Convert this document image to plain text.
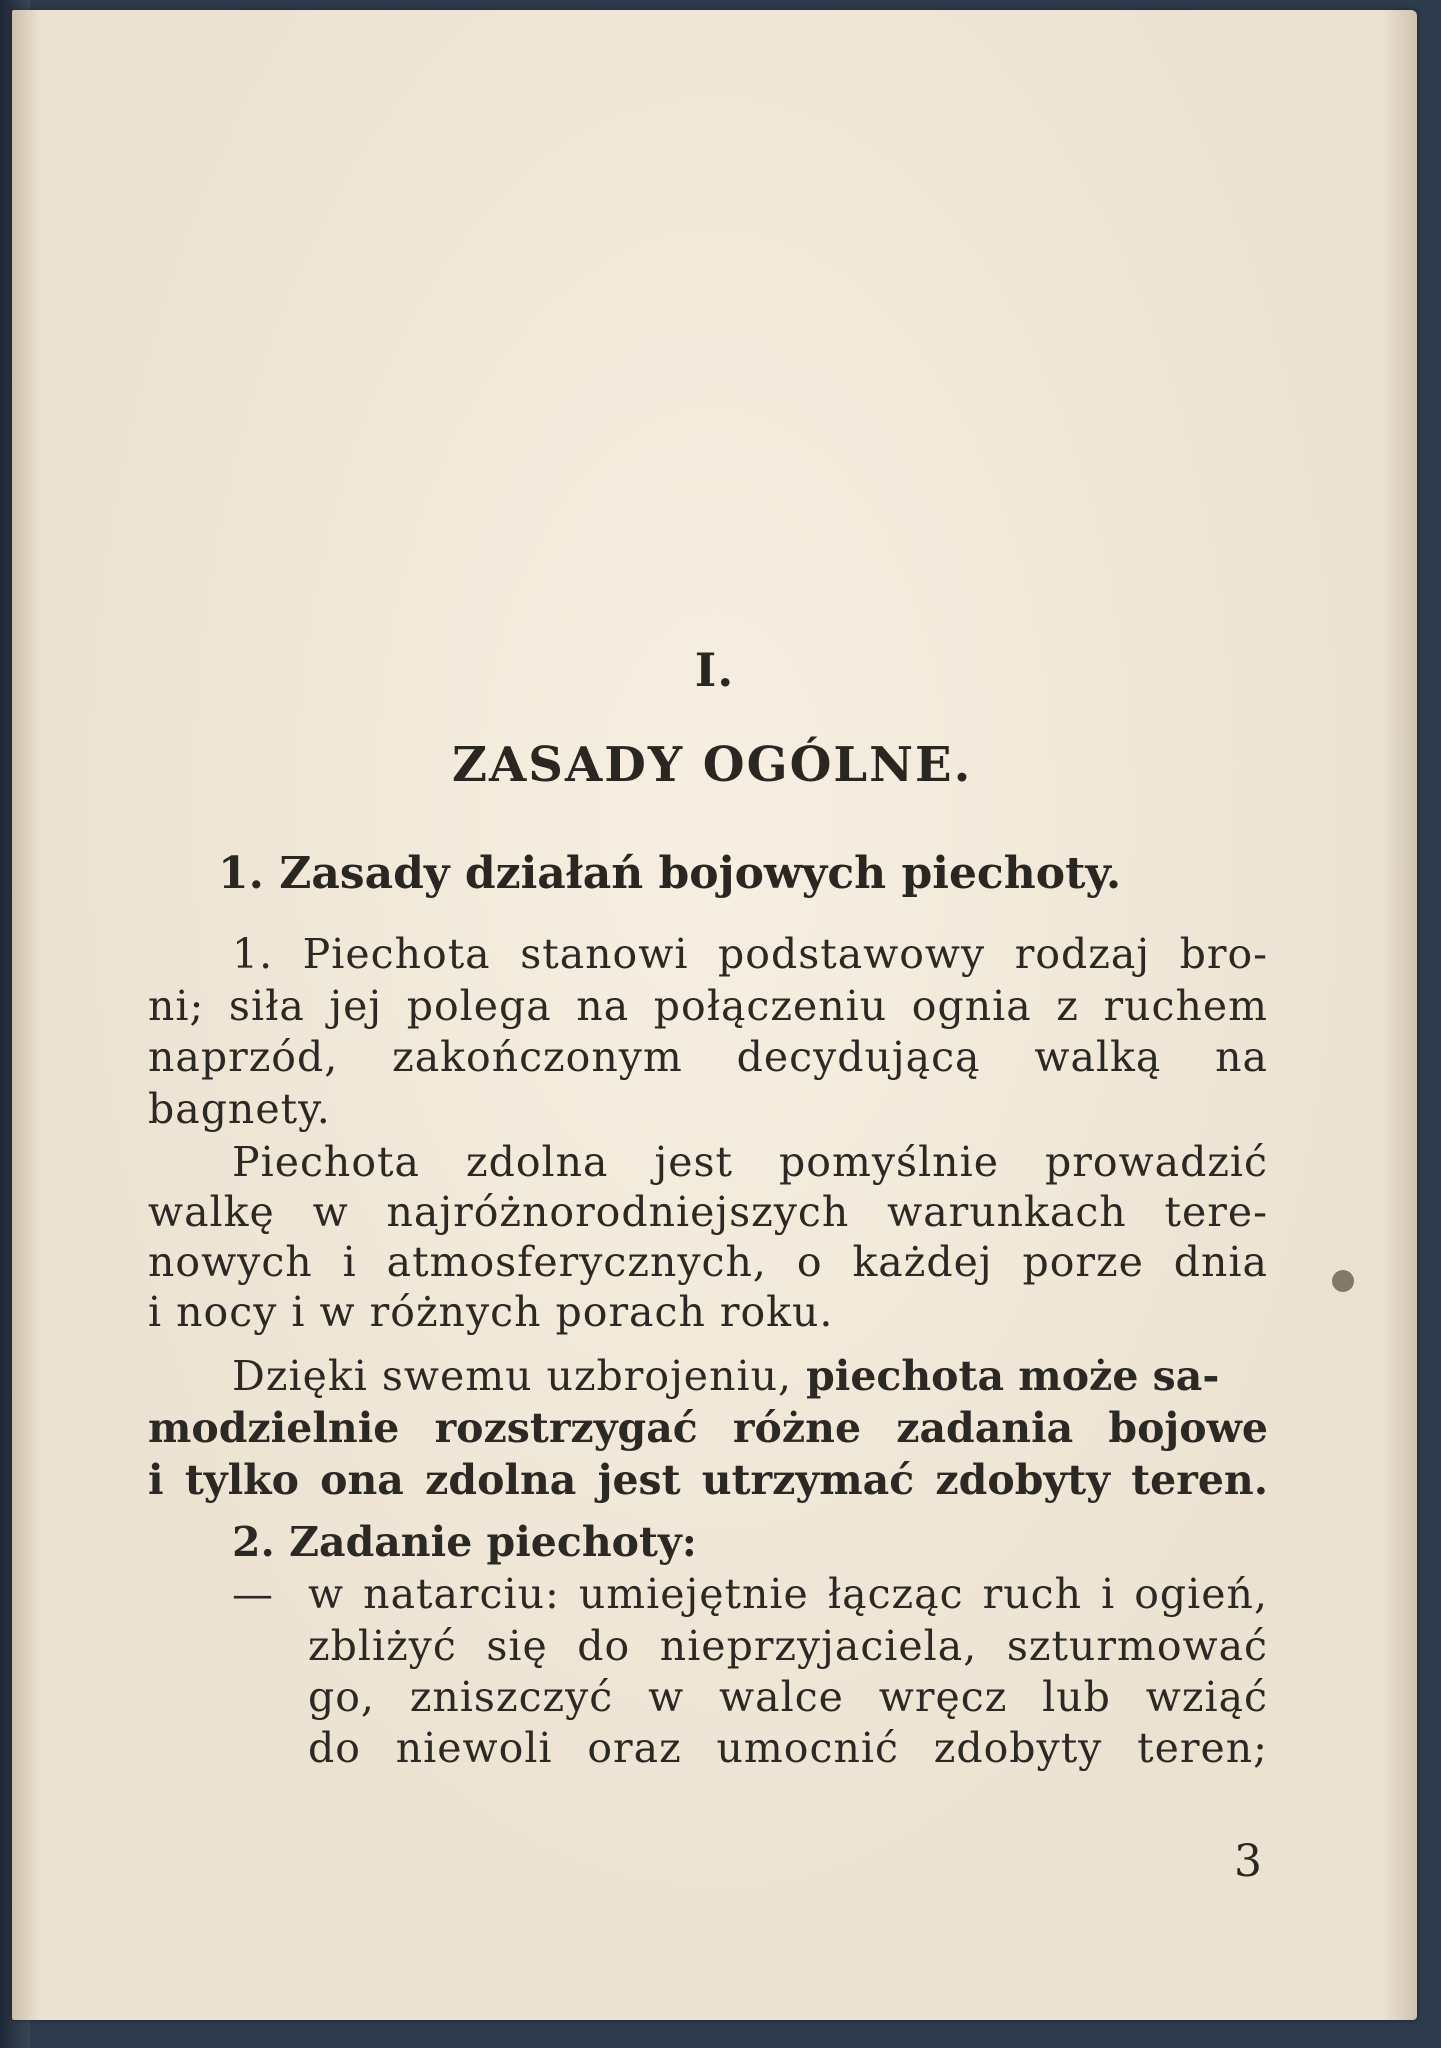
I.
ZASADY OGÓLNE.
1. Zasady działań bojowych piechoty.
1. Piechota stanowi podstawowy rodzaj bro-
ni; siła jej polega na połączeniu ognia z ruchem
naprzód, zakończonym decydującą walką na
bagnety.
Piechota zdolna jest pomyślnie prowadzić
walkę w najróżnorodniejszych warunkach tere-
nowych i atmosferycznych, o każdej porze dnia
i nocy i w różnych porach roku.
Dzięki swemu uzbrojeniu, piechota może sa-
modzielnie rozstrzygać różne zadania bojowe
i tylko ona zdolna jest utrzymać zdobyty teren.
2. Zadanie piechoty:
— w natarciu: umiejętnie łącząc ruch i ogień,
zbliżyć się do nieprzyjaciela, szturmować
go, zniszczyć w walce wręcz lub wziąć
do niewoli oraz umocnić zdobyty teren;
3
